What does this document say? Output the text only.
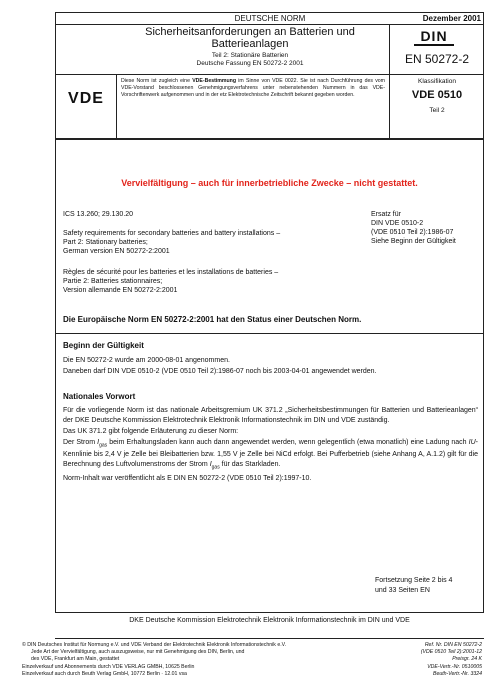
DEUTSCHE NORM	Dezember 2001
Sicherheitsanforderungen an Batterien und Batterieanlagen
Teil 2: Stationäre Batterien
Deutsche Fassung EN 50272-2 2001
DIN
EN 50272-2
VDE
Diese Norm ist zugleich eine VDE-Bestimmung im Sinne von VDE 0022. Sie ist nach Durchführung des vom VDE-Vorstand beschlossenen Genehmigungsverfahrens unter nebenstehenden Nummern in das VDE-Vorschriftenwerk aufgenommen und in der etz Elektrotechnische Zeitschrift bekannt gegeben worden.
Klassifikation
VDE 0510
Teil 2
Vervielfältigung – auch für innerbetriebliche Zwecke – nicht gestattet.
ICS 13.260; 29.130.20	Ersatz für
DIN VDE 0510-2
(VDE 0510 Teil 2):1986-07
Siehe Beginn der Gültigkeit
Safety requirements for secondary batteries and battery installations –
Part 2: Stationary batteries;
German version EN 50272-2:2001
Règles de sécurité pour les batteries et les installations de batteries –
Partie 2: Batteries stationnaires;
Version allemande EN 50272-2:2001
Die Europäische Norm EN 50272-2:2001 hat den Status einer Deutschen Norm.
Beginn der Gültigkeit
Die EN 50272-2 wurde am 2000-08-01 angenommen.
Daneben darf DIN VDE 0510-2 (VDE 0510 Teil 2):1986-07 noch bis 2003-04-01 angewendet werden.
Nationales Vorwort
Für die vorliegende Norm ist das nationale Arbeitsgremium UK 371.2 „Sicherheitsbestimmungen für Batterien und Batterieanlagen“ der DKE Deutsche Kommission Elektrotechnik Elektronik Informationstechnik im DIN und VDE zuständig.
Das UK 371.2 gibt folgende Erläuterung zu dieser Norm:
Der Strom $I_{gas}$ beim Erhaltungsladen kann auch dann angewendet werden, wenn gelegentlich (etwa monatlich) eine Ladung nach IU-Kennlinie bis 2,4 V je Zelle bei Bleibatterien bzw. 1,55 V je Zelle bei NiCd erfolgt. Bei Pufferbetrieb (siehe Anhang A, A.1.2) gilt für die Berechnung des Luftvolumenstroms der Strom $I_{gas}$ für das Starkladen.
Norm-Inhalt war veröffentlicht als E DIN EN 50272-2 (VDE 0510 Teil 2):1997-10.
Fortsetzung Seite 2 bis 4
und 33 Seiten EN
DKE Deutsche Kommission Elektrotechnik Elektronik Informationstechnik im DIN und VDE
© DIN Deutsches Institut für Normung e.V. und VDE Verband der Elektrotechnik Elektronik Informationstechnik e.V.
Jede Art der Vervielfältigung, auch auszugsweise, nur mit Genehmigung des DIN, Berlin, und
des VDE, Frankfurt am Main, gestattet
Einzelverkauf und Abonnements durch VDE VERLAG GMBH, 10625 Berlin
Einzelverkauf auch durch Beuth Verlag GmbH, 10772 Berlin · 12.01 vsa
Ref. Nr. DIN EN 50272-2
(VDE 0510 Teil 2):2001-12
Preisgr. 24 K
VDE-Vertr.-Nr. 0510005
Beuth-Vertr.-Nr. 3324
